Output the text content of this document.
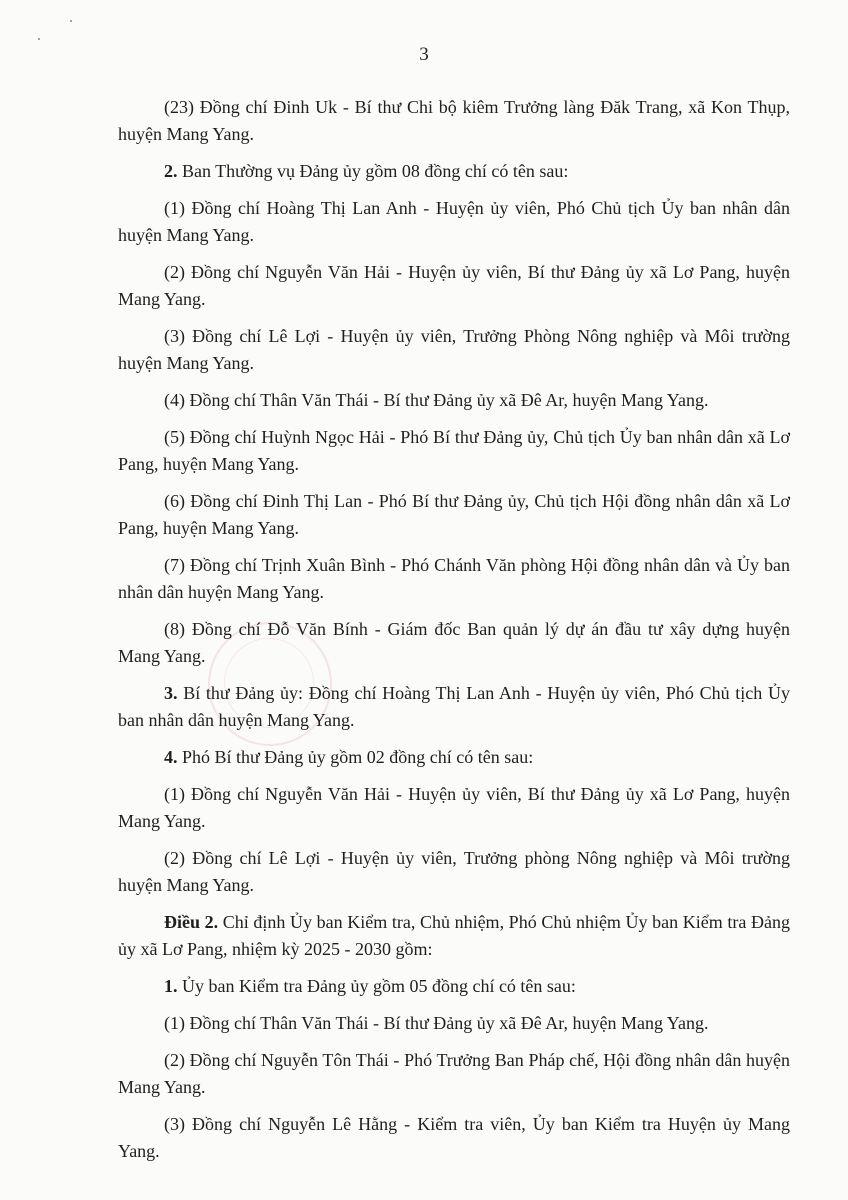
3

(23) Đồng chí Đinh Uk - Bí thư Chi bộ kiêm Trưởng làng Đăk Trang, xã Kon Thụp, huyện Mang Yang.

2. Ban Thường vụ Đảng ủy gồm 08 đồng chí có tên sau:

(1) Đồng chí Hoàng Thị Lan Anh - Huyện ủy viên, Phó Chủ tịch Ủy ban nhân dân huyện Mang Yang.

(2) Đồng chí Nguyễn Văn Hải - Huyện ủy viên, Bí thư Đảng ủy xã Lơ Pang, huyện Mang Yang.

(3) Đồng chí Lê Lợi - Huyện ủy viên, Trưởng Phòng Nông nghiệp và Môi trường huyện Mang Yang.

(4) Đồng chí Thân Văn Thái - Bí thư Đảng ủy xã Đê Ar, huyện Mang Yang.

(5) Đồng chí Huỳnh Ngọc Hải - Phó Bí thư Đảng ủy, Chủ tịch Ủy ban nhân dân xã Lơ Pang, huyện Mang Yang.

(6) Đồng chí Đinh Thị Lan - Phó Bí thư Đảng ủy, Chủ tịch Hội đồng nhân dân xã Lơ Pang, huyện Mang Yang.

(7) Đồng chí Trịnh Xuân Bình - Phó Chánh Văn phòng Hội đồng nhân dân và Ủy ban nhân dân huyện Mang Yang.

(8) Đồng chí Đỗ Văn Bính - Giám đốc Ban quản lý dự án đầu tư xây dựng huyện Mang Yang.

3. Bí thư Đảng ủy: Đồng chí Hoàng Thị Lan Anh - Huyện ủy viên, Phó Chủ tịch Ủy ban nhân dân huyện Mang Yang.

4. Phó Bí thư Đảng ủy gồm 02 đồng chí có tên sau:

(1) Đồng chí Nguyễn Văn Hải - Huyện ủy viên, Bí thư Đảng ủy xã Lơ Pang, huyện Mang Yang.

(2) Đồng chí Lê Lợi - Huyện ủy viên, Trưởng phòng Nông nghiệp và Môi trường huyện Mang Yang.

Điều 2. Chỉ định Ủy ban Kiểm tra, Chủ nhiệm, Phó Chủ nhiệm Ủy ban Kiểm tra Đảng ủy xã Lơ Pang, nhiệm kỳ 2025 - 2030 gồm:

1. Ủy ban Kiểm tra Đảng ủy gồm 05 đồng chí có tên sau:

(1) Đồng chí Thân Văn Thái - Bí thư Đảng ủy xã Đê Ar, huyện Mang Yang.

(2) Đồng chí Nguyễn Tôn Thái - Phó Trưởng Ban Pháp chế, Hội đồng nhân dân huyện Mang Yang.

(3) Đồng chí Nguyễn Lê Hằng - Kiểm tra viên, Ủy ban Kiểm tra Huyện ủy Mang Yang.
